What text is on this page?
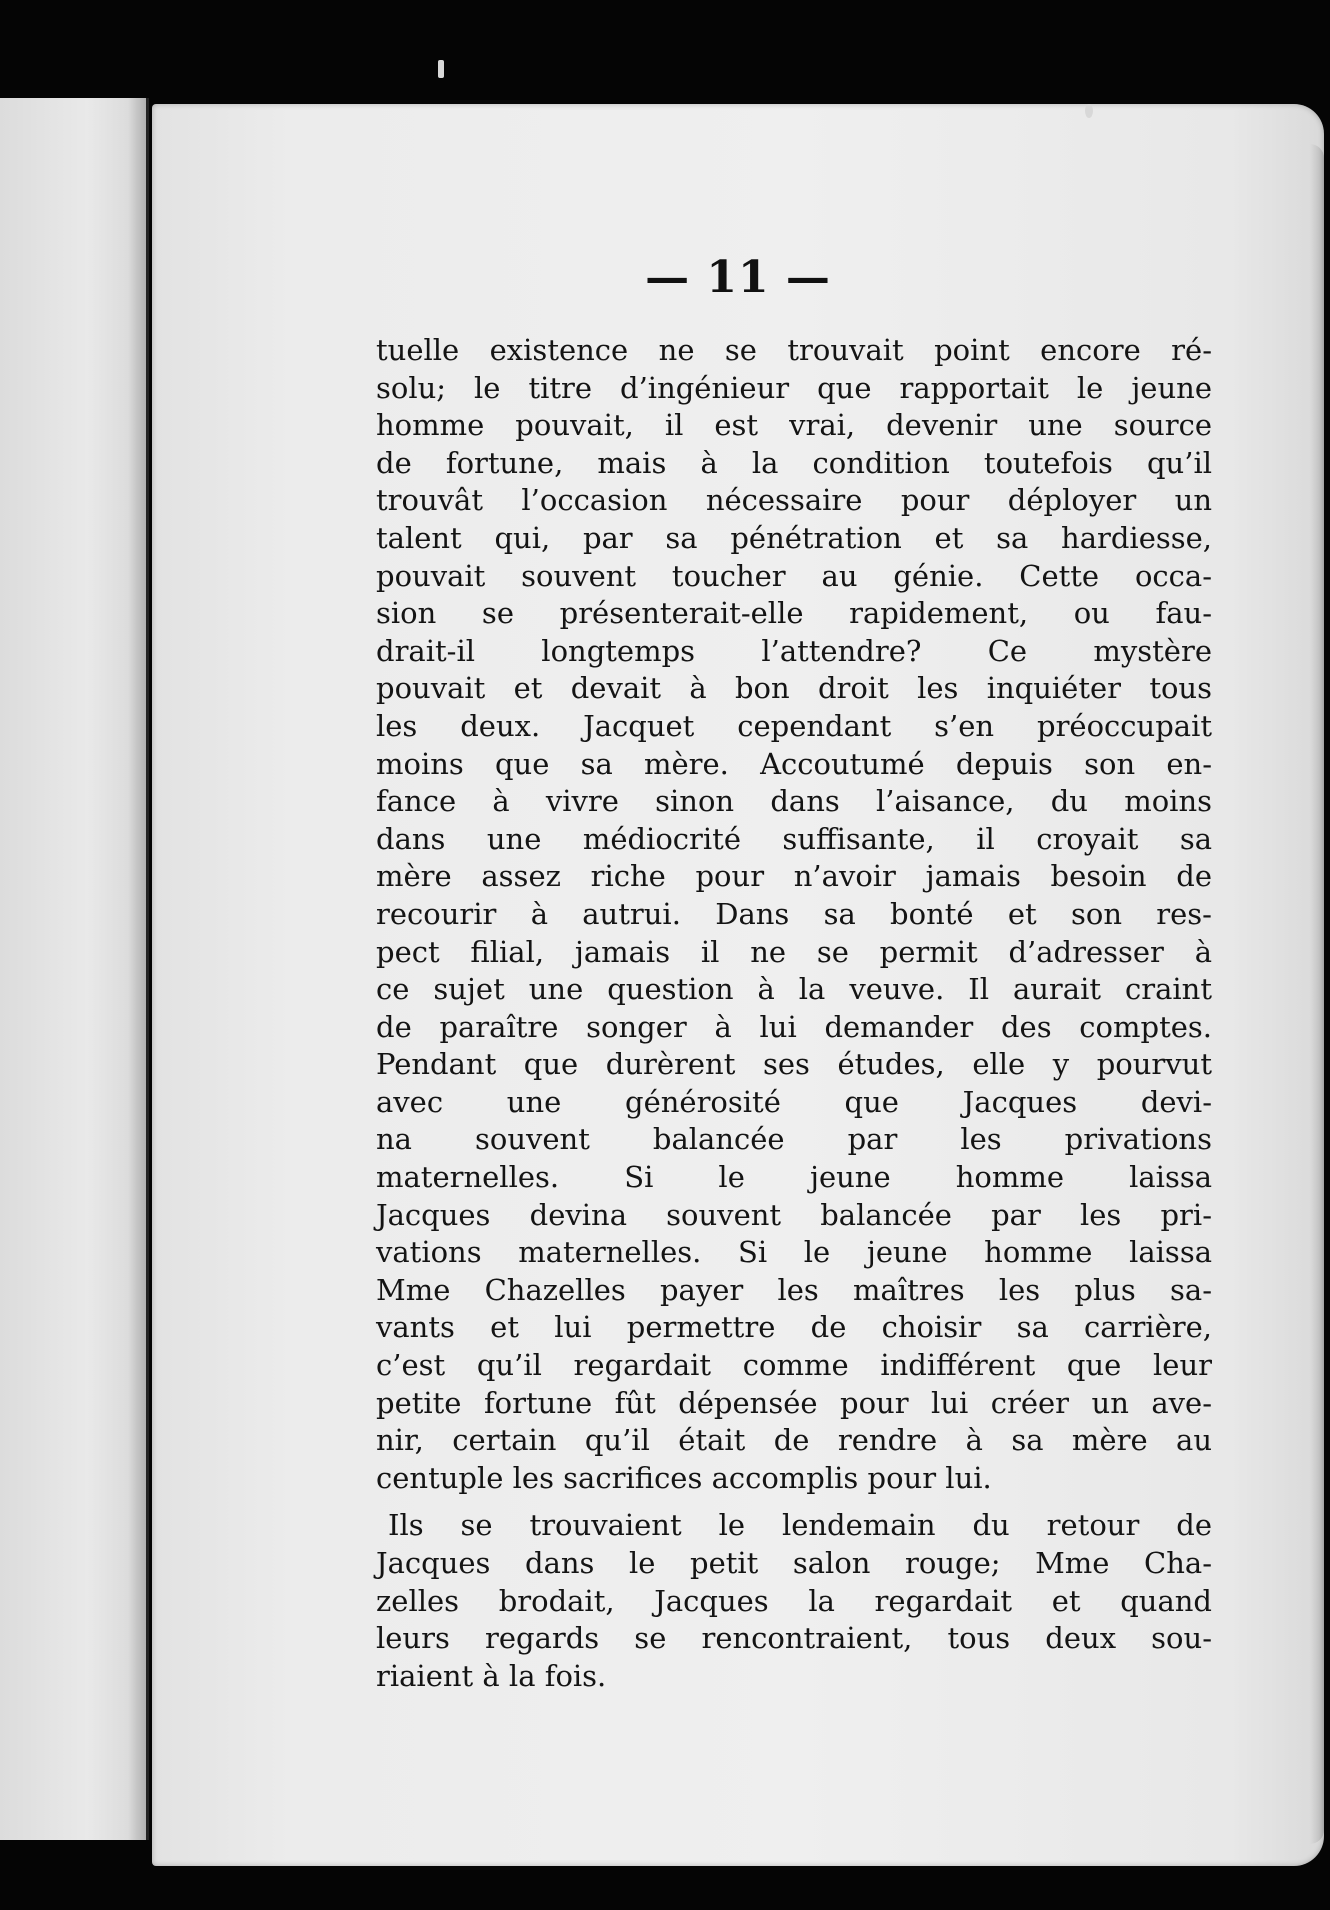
— 11 —
tuelle existence ne se trouvait point encore ré-
solu; le titre d’ingénieur que rapportait le jeune
homme pouvait, il est vrai, devenir une source
de fortune, mais à la condition toutefois qu’il
trouvât l’occasion nécessaire pour déployer un
talent qui, par sa pénétration et sa hardiesse,
pouvait souvent toucher au génie. Cette occa-
sion se présenterait-elle rapidement, ou fau-
drait-il longtemps l’attendre? Ce mystère
pouvait et devait à bon droit les inquiéter tous
les deux. Jacquet cependant s’en préoccupait
moins que sa mère. Accoutumé depuis son en-
fance à vivre sinon dans l’aisance, du moins
dans une médiocrité suffisante, il croyait sa
mère assez riche pour n’avoir jamais besoin de
recourir à autrui. Dans sa bonté et son res-
pect filial, jamais il ne se permit d’adresser à
ce sujet une question à la veuve. Il aurait craint
de paraître songer à lui demander des comptes.
Pendant que durèrent ses études, elle y pourvut
avec une générosité que Jacques devi-
na souvent balancée par les privations
maternelles. Si le jeune homme laissa
Jacques devina souvent balancée par les pri-
vations maternelles. Si le jeune homme laissa
Mme Chazelles payer les maîtres les plus sa-
vants et lui permettre de choisir sa carrière,
c’est qu’il regardait comme indifférent que leur
petite fortune fût dépensée pour lui créer un ave-
nir, certain qu’il était de rendre à sa mère au
centuple les sacrifices accomplis pour lui.
Ils se trouvaient le lendemain du retour de
Jacques dans le petit salon rouge; Mme Cha-
zelles brodait, Jacques la regardait et quand
leurs regards se rencontraient, tous deux sou-
riaient à la fois.
